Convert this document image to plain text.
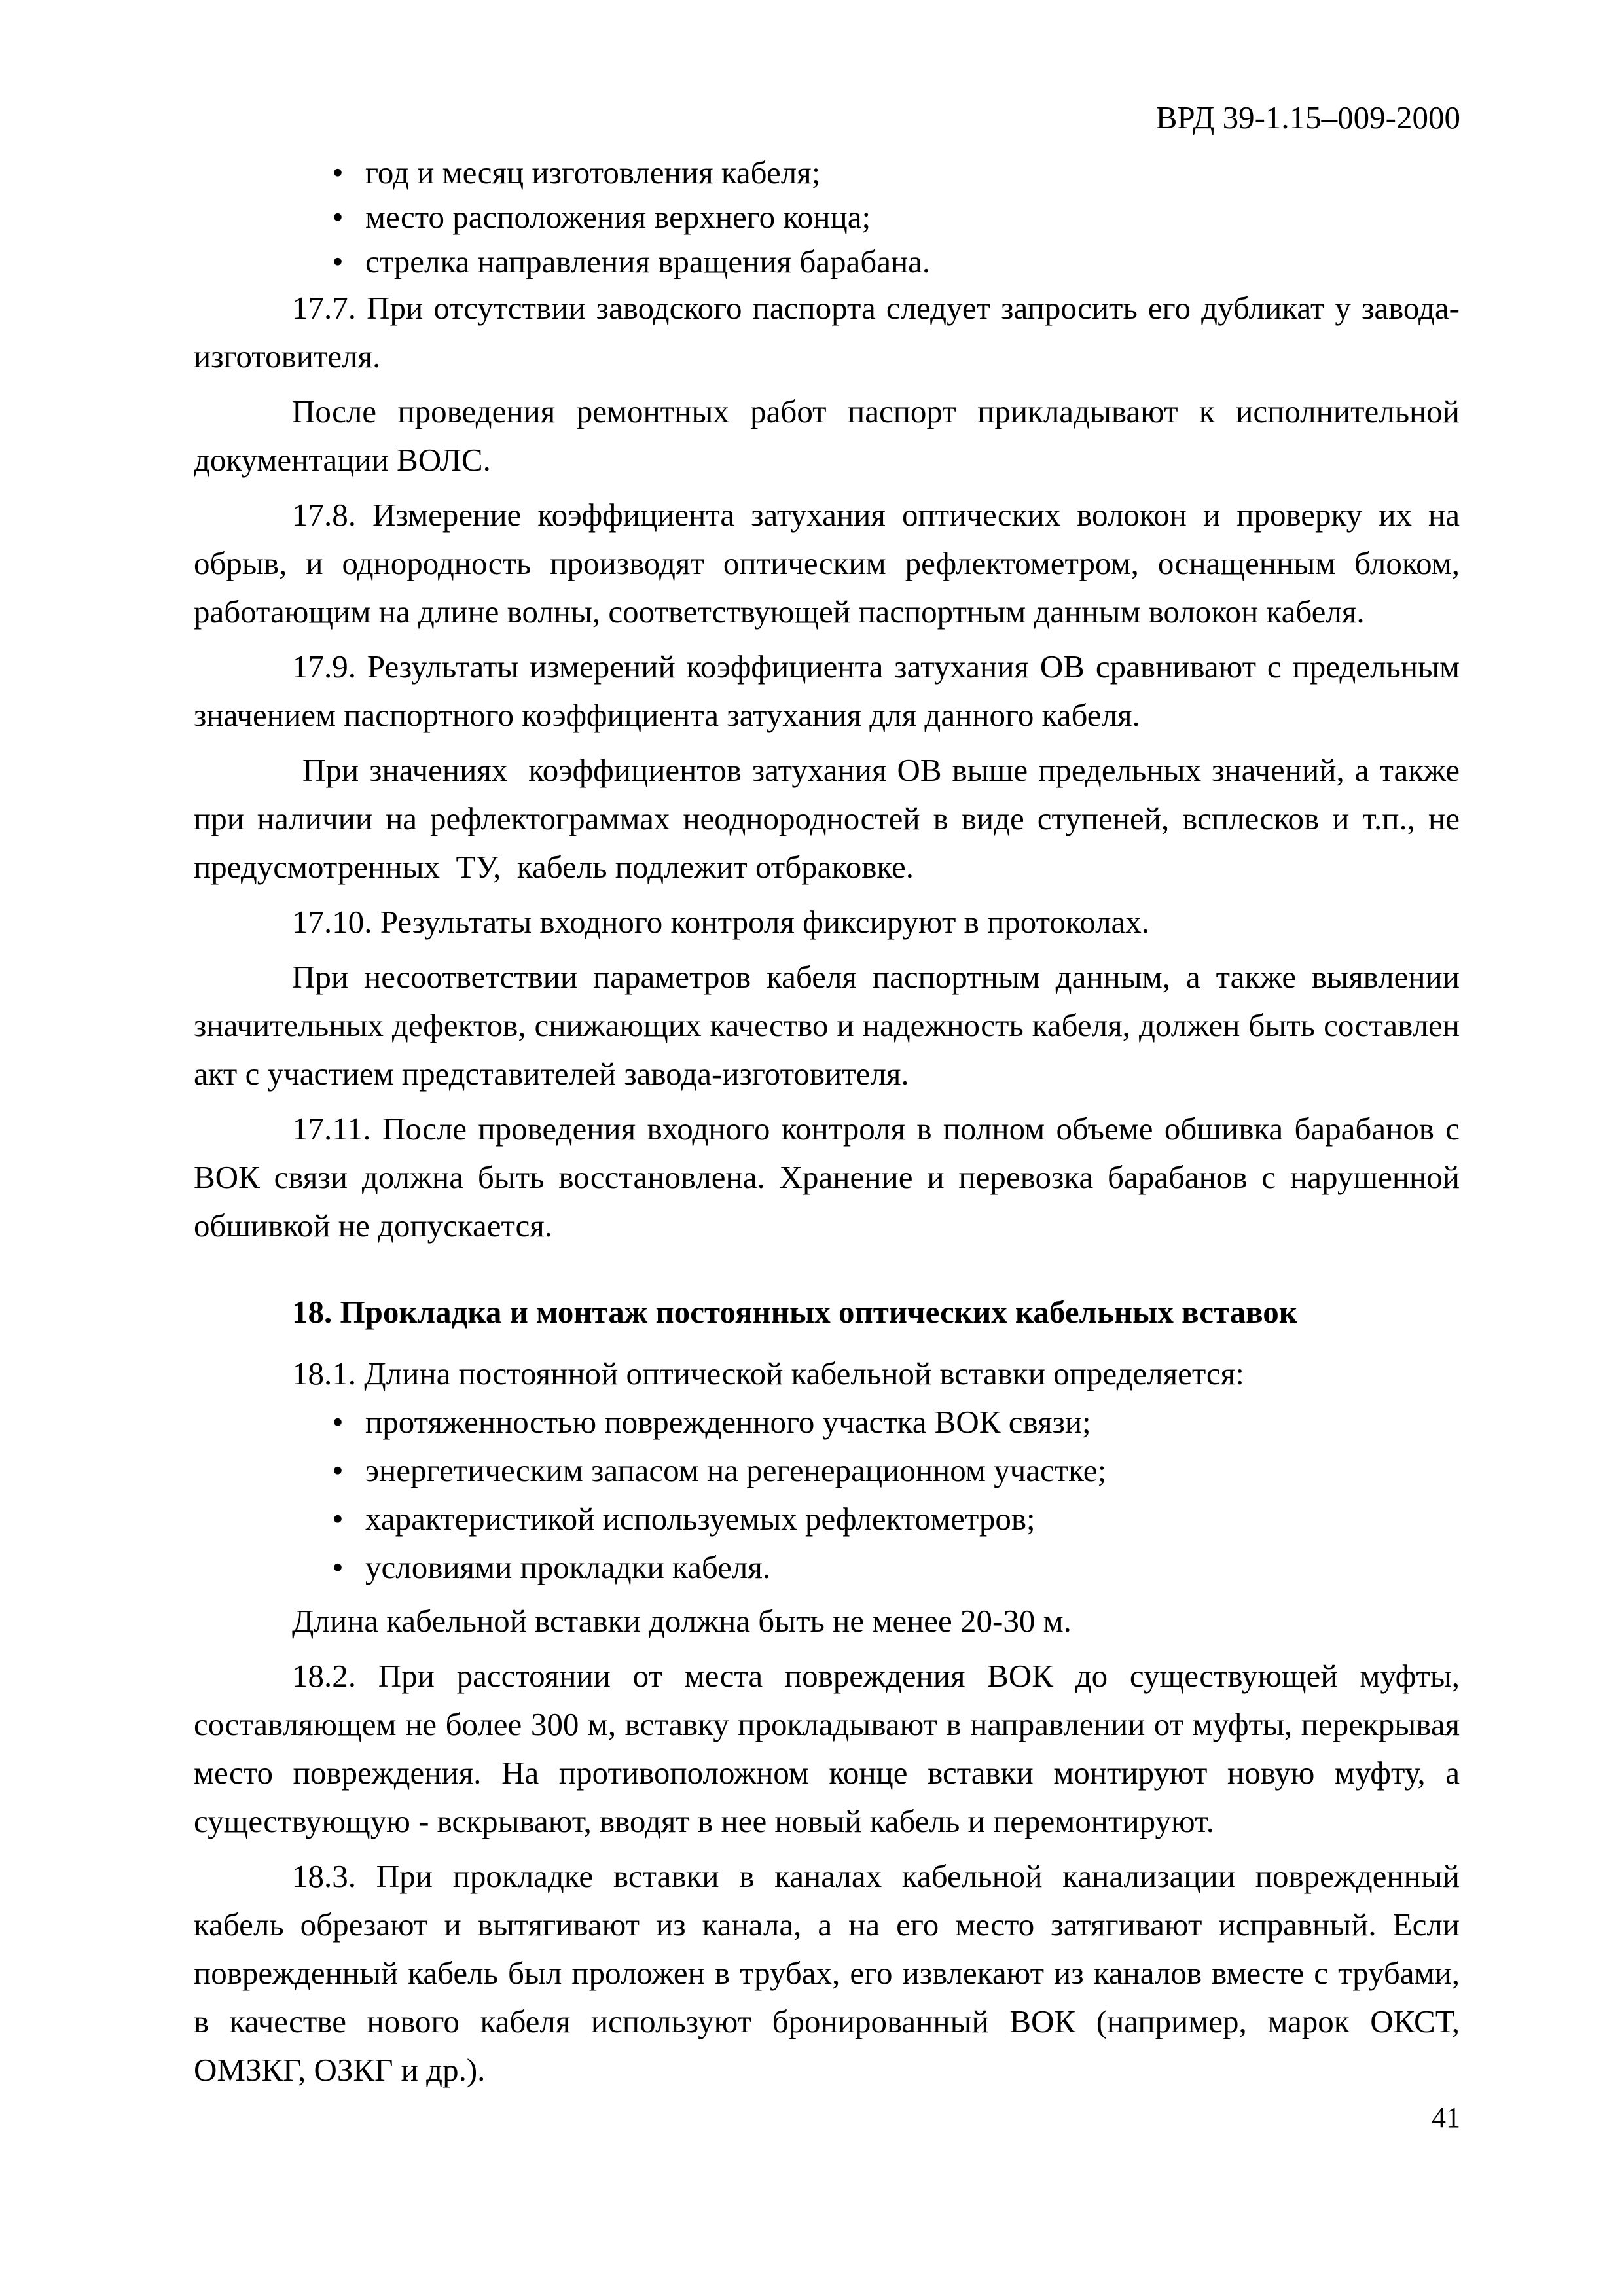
ВРД 39-1.15–009-2000
• год и месяц изготовления кабеля;
• место расположения верхнего конца;
• стрелка направления вращения барабана.

17.7. При отсутствии заводского паспорта следует запросить его дубликат у завода-изготовителя.

После проведения ремонтных работ паспорт прикладывают к исполнительной документации ВОЛС.

17.8. Измерение коэффициента затухания оптических волокон и проверку их на обрыв, и однородность производят оптическим рефлектометром, оснащенным блоком, работающим на длине волны, соответствующей паспортным данным волокон кабеля.

17.9. Результаты измерений коэффициента затухания ОВ сравнивают с предельным значением паспортного коэффициента затухания для данного кабеля.

При значениях  коэффициентов затухания ОВ выше предельных значений, а также при наличии на рефлектограммах неоднородностей в виде ступеней, всплесков и т.п., не предусмотренных  ТУ,  кабель подлежит отбраковке.

17.10. Результаты входного контроля фиксируют в протоколах.

При несоответствии параметров кабеля паспортным данным, а также выявлении значительных дефектов, снижающих качество и надежность кабеля, должен быть составлен акт с участием представителей завода-изготовителя.

17.11. После проведения входного контроля в полном объеме обшивка барабанов с ВОК связи должна быть восстановлена. Хранение и перевозка барабанов с нарушенной обшивкой не допускается.

18. Прокладка и монтаж постоянных оптических кабельных вставок

18.1. Длина постоянной оптической кабельной вставки определяется:

• протяженностью поврежденного участка ВОК связи;
• энергетическим запасом на регенерационном участке;
• характеристикой используемых рефлектометров;
• условиями прокладки кабеля.

Длина кабельной вставки должна быть не менее 20-30 м.

18.2. При расстоянии от места повреждения ВОК до существующей муфты, составляющем не более 300 м, вставку прокладывают в направлении от муфты, перекрывая место повреждения. На противоположном конце вставки монтируют новую муфту, а существующую - вскрывают, вводят в нее новый кабель и перемонтируют.

18.3. При прокладке вставки в каналах кабельной канализации поврежденный кабель обрезают и вытягивают из канала, а на его место затягивают исправный. Если поврежденный кабель был проложен в трубах, его извлекают из каналов вместе с трубами, в качестве нового кабеля используют бронированный ВОК (например, марок ОКСТ, ОМЗКГ, ОЗКГ и др.).

41
